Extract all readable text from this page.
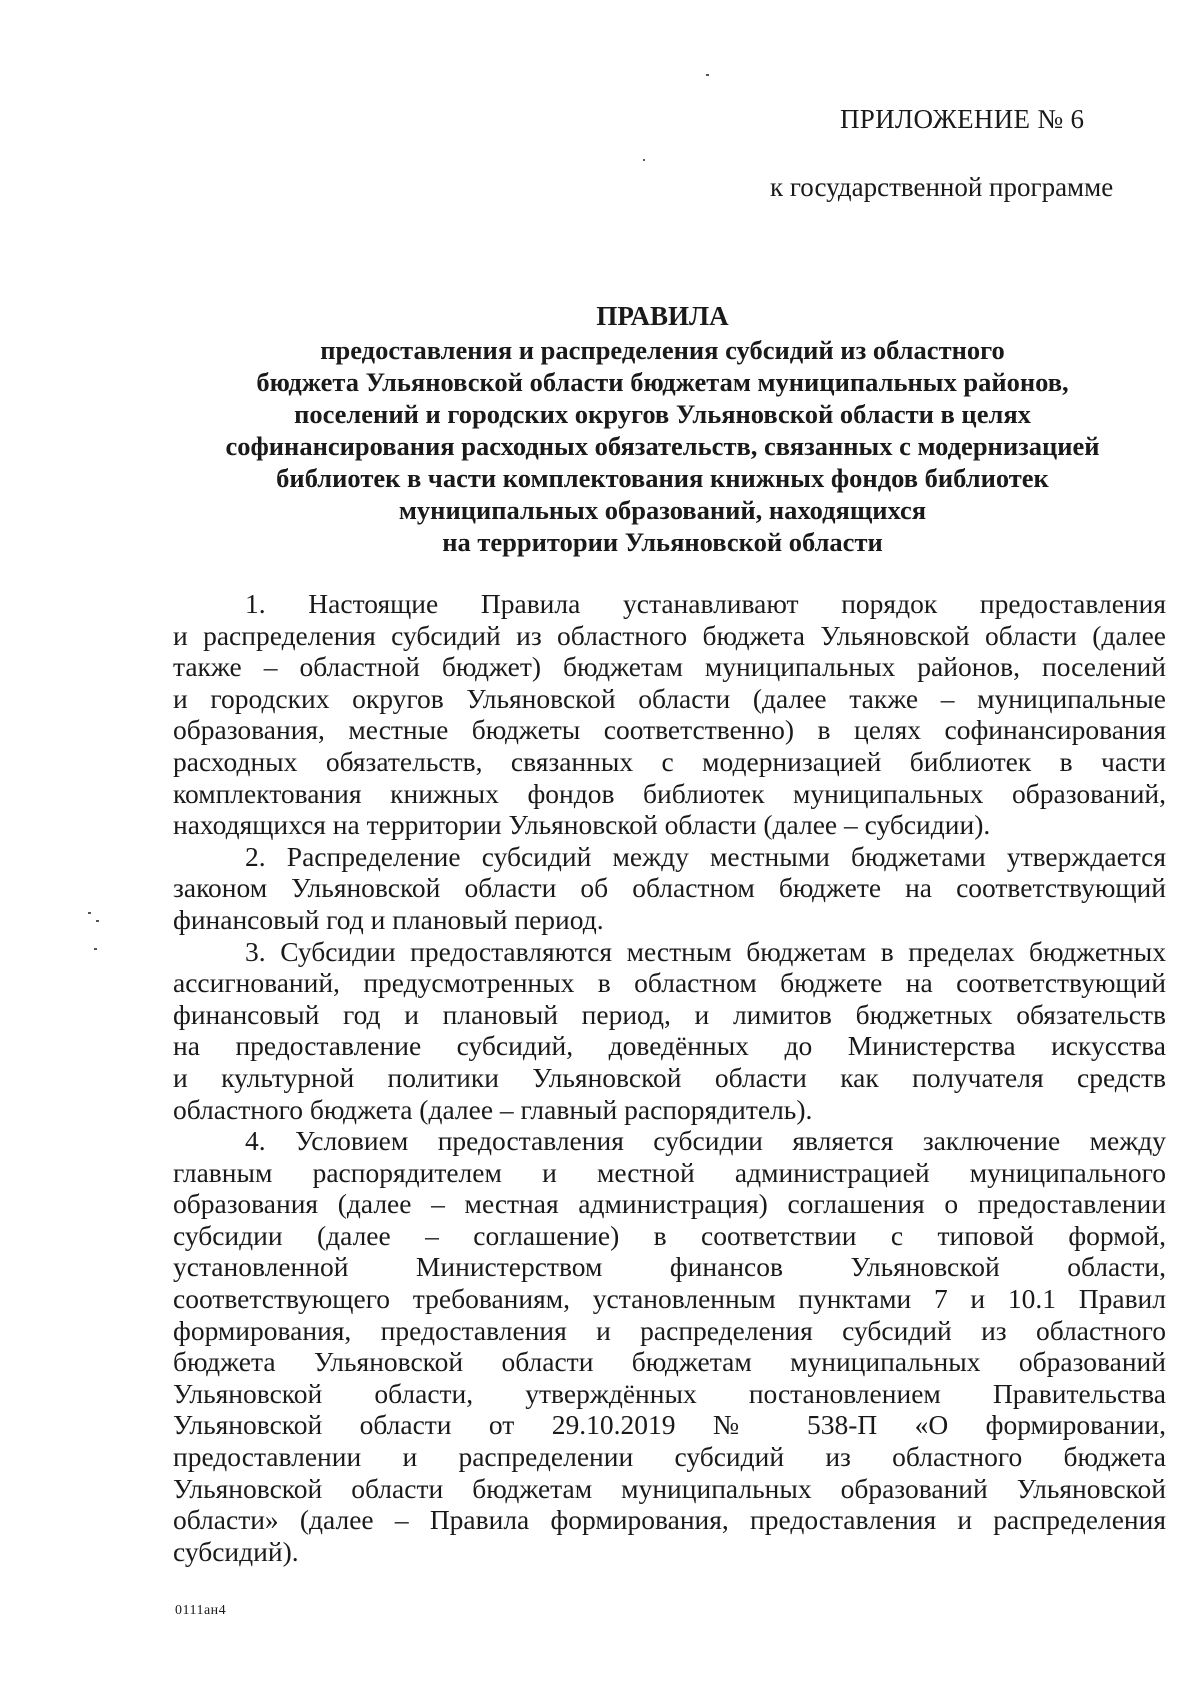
ПРИЛОЖЕНИЕ № 6
к государственной программе
ПРАВИЛА
предоставления и распределения субсидий из областного
бюджета Ульяновской области бюджетам муниципальных районов,
поселений и городских округов Ульяновской области в целях
софинансирования расходных обязательств, связанных с модернизацией
библиотек в части комплектования книжных фондов библиотек
муниципальных образований, находящихся
на территории Ульяновской области
1. Настоящие Правила устанавливают порядок предоставления
и распределения субсидий из областного бюджета Ульяновской области (далее
также – областной бюджет) бюджетам муниципальных районов, поселений
и городских округов Ульяновской области (далее также – муниципальные
образования, местные бюджеты соответственно) в целях софинансирования
расходных обязательств, связанных с модернизацией библиотек в части
комплектования книжных фондов библиотек муниципальных образований,
находящихся на территории Ульяновской области (далее – субсидии).
2. Распределение субсидий между местными бюджетами утверждается
законом Ульяновской области об областном бюджете на соответствующий
финансовый год и плановый период.
3. Субсидии предоставляются местным бюджетам в пределах бюджетных
ассигнований, предусмотренных в областном бюджете на соответствующий
финансовый год и плановый период, и лимитов бюджетных обязательств
на предоставление субсидий, доведённых до Министерства искусства
и культурной политики Ульяновской области как получателя средств
областного бюджета (далее – главный распорядитель).
4. Условием предоставления субсидии является заключение между
главным распорядителем и местной администрацией муниципального
образования (далее – местная администрация) соглашения о предоставлении
субсидии (далее – соглашение) в соответствии с типовой формой,
установленной Министерством финансов Ульяновской области,
соответствующего требованиям, установленным пунктами 7 и 10.1 Правил
формирования, предоставления и распределения субсидий из областного
бюджета Ульяновской области бюджетам муниципальных образований
Ульяновской области, утверждённых постановлением Правительства
Ульяновской области от 29.10.2019 № 538-П «О формировании,
предоставлении и распределении субсидий из областного бюджета
Ульяновской области бюджетам муниципальных образований Ульяновской
области» (далее – Правила формирования, предоставления и распределения
субсидий).
0111ан4
